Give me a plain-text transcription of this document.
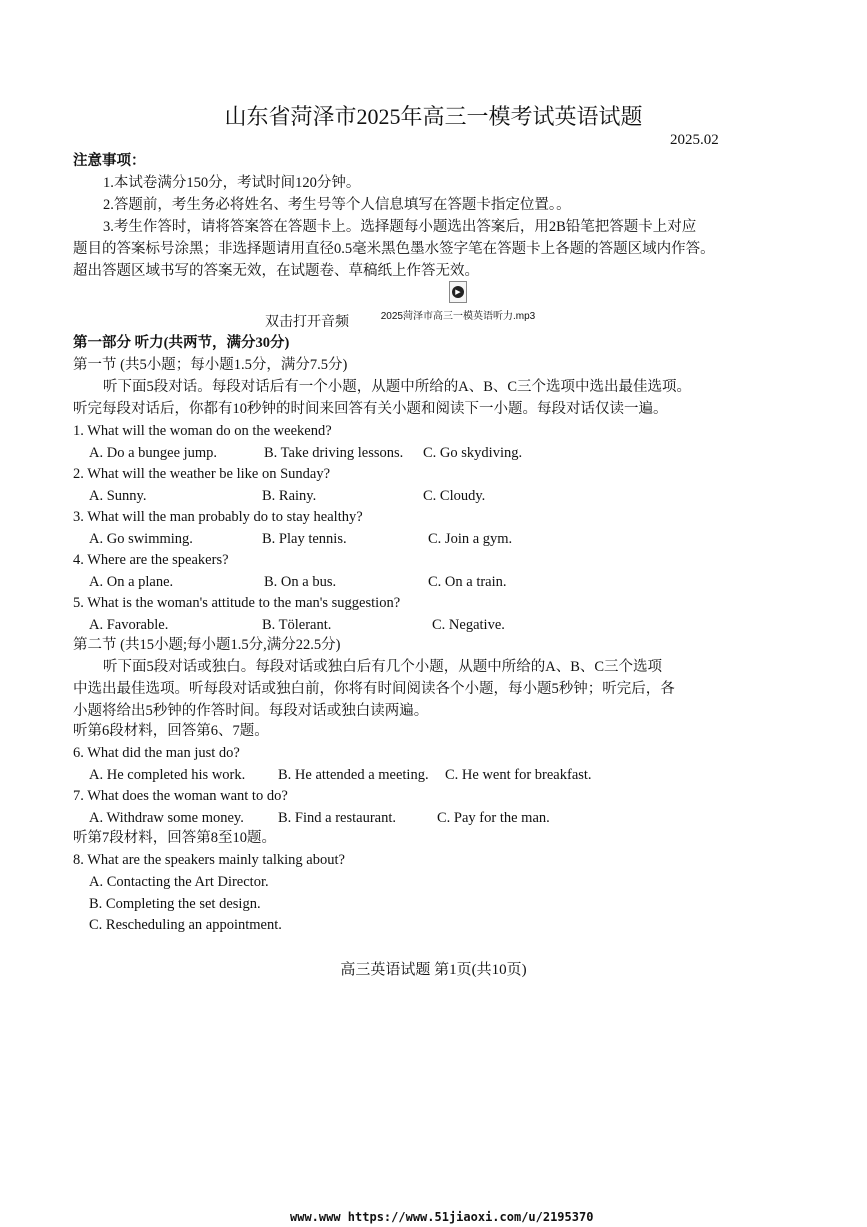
山东省菏泽市2025年高三一模考试英语试题
2025.02
注意事项：
1.本试卷满分150分，考试时间120分钟。
2.答题前，考生务必将姓名、考生号等个人信息填写在答题卡指定位置。。
3.考生作答时，请将答案答在答题卡上。选择题每小题选出答案后，用2B铅笔把答题卡上对应
题目的答案标号涂黑；非选择题请用直径0.5毫米黑色墨水签字笔在答题卡上各题的答题区域内作答。
超出答题区域书写的答案无效，在试题卷、草稿纸上作答无效。
▶
2025菏泽市高三一模英语听力.mp3
双击打开音频
第一部分 听力(共两节，满分30分)
第一节 (共5小题；每小题1.5分，满分7.5分)
听下面5段对话。每段对话后有一个小题，从题中所给的A、B、C三个选项中选出最佳选项。
听完每段对话后，你都有10秒钟的时间来回答有关小题和阅读下一小题。每段对话仅读一遍。
1. What will the woman do on the weekend?
A. Do a bungee jump.	B. Take driving lessons. C. Go skydiving.
2. What will the weather be like on Sunday?
A. Sunny.	B. Rainy.	C. Cloudy.
3. What will the man probably do to stay healthy?
A. Go swimming.	B. Play tennis.	C. Join a gym.
4. Where are the speakers?
A. On a plane.	B. On a bus.	C. On a train.
5. What is the woman's attitude to the man's suggestion?
A. Favorable.	B. Tölerant.	C. Negative.
第二节 (共15小题;每小题1.5分,满分22.5分)
听下面5段对话或独白。每段对话或独白后有几个小题，从题中所给的A、B、C三个选项
中选出最佳选项。听每段对话或独白前，你将有时间阅读各个小题，每小题5秒钟；听完后，各
小题将给出5秒钟的作答时间。每段对话或独白读两遍。
听第6段材料，回答第6、7题。
6. What did the man just do?
A. He completed his work. B. He attended a meeting. C. He went for breakfast.
7. What does the woman want to do?
A. Withdraw some money. B. Find a restaurant.	C. Pay for the man.
听第7段材料，回答第8至10题。
8. What are the speakers mainly talking about?
A. Contacting the Art Director.
B. Completing the set design.
C. Rescheduling an appointment.
高三英语试题 第1页(共10页)
www.www https://www.51jiaoxi.com/u/2195370
